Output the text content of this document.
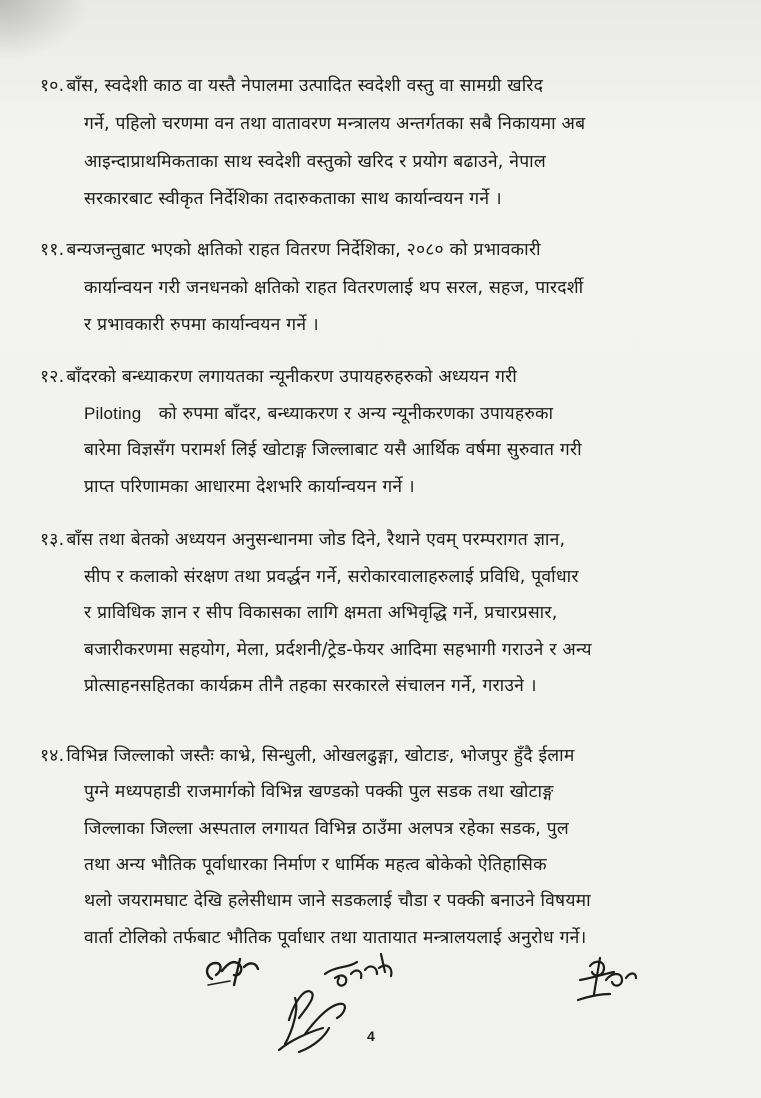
१०. बाँस, स्वदेशी काठ वा यस्तै नेपालमा उत्पादित स्वदेशी वस्तु वा सामग्री खरिद
गर्ने, पहिलो चरणमा वन तथा वातावरण मन्त्रालय अन्तर्गतका सबै निकायमा अब
आइन्दाप्राथमिकताका साथ स्वदेशी वस्तुको खरिद र प्रयोग बढाउने, नेपाल
सरकारबाट स्वीकृत निर्देशिका तदारुकताका साथ कार्यान्वयन गर्ने ।
११. बन्यजन्तुबाट भएको क्षतिको राहत वितरण निर्देशिका, २०८० को प्रभावकारी
कार्यान्वयन गरी जनधनको क्षतिको राहत वितरणलाई थप सरल, सहज, पारदर्शी
र प्रभावकारी रुपमा कार्यान्वयन गर्ने ।
१२. बाँदरको बन्ध्याकरण लगायतका न्यूनीकरण उपायहरुहरुको अध्ययन गरी
Piloting को रुपमा बाँदर, बन्ध्याकरण र अन्य न्यूनीकरणका उपायहरुका
बारेमा विज्ञसँग परामर्श लिई खोटाङ्ग जिल्लाबाट यसै आर्थिक वर्षमा सुरुवात गरी
प्राप्त परिणामका आधारमा देशभरि कार्यान्वयन गर्ने ।
१३. बाँस तथा बेतको अध्ययन अनुसन्धानमा जोड दिने, रैथाने एवम् परम्परागत ज्ञान,
सीप र कलाको संरक्षण तथा प्रवर्द्धन गर्ने, सरोकारवालाहरुलाई प्रविधि, पूर्वाधार
र प्राविधिक ज्ञान र सीप विकासका लागि क्षमता अभिवृद्धि गर्ने, प्रचारप्रसार,
बजारीकरणमा सहयोग, मेला, प्रर्दशनी/ट्रेड-फेयर आदिमा सहभागी गराउने र अन्य
प्रोत्साहनसहितका कार्यक्रम तीनै तहका सरकारले संचालन गर्ने, गराउने ।
१४. विभिन्न जिल्लाको जस्तैः काभ्रे, सिन्धुली, ओखलढुङ्गा, खोटाङ, भोजपुर हुँदै ईलाम
पुग्ने मध्यपहाडी राजमार्गको विभिन्न खण्डको पक्की पुल सडक तथा खोटाङ्ग
जिल्लाका जिल्ला अस्पताल लगायत विभिन्न ठाउँमा अलपत्र रहेका सडक, पुल
तथा अन्य भौतिक पूर्वाधारका निर्माण र धार्मिक महत्व बोकेको ऐतिहासिक
थलो जयरामघाट देखि हलेसीधाम जाने सडकलाई चौडा र पक्की बनाउने विषयमा
वार्ता टोलिको तर्फबाट भौतिक पूर्वाधार तथा यातायात मन्त्रालयलाई अनुरोध गर्ने।
4
